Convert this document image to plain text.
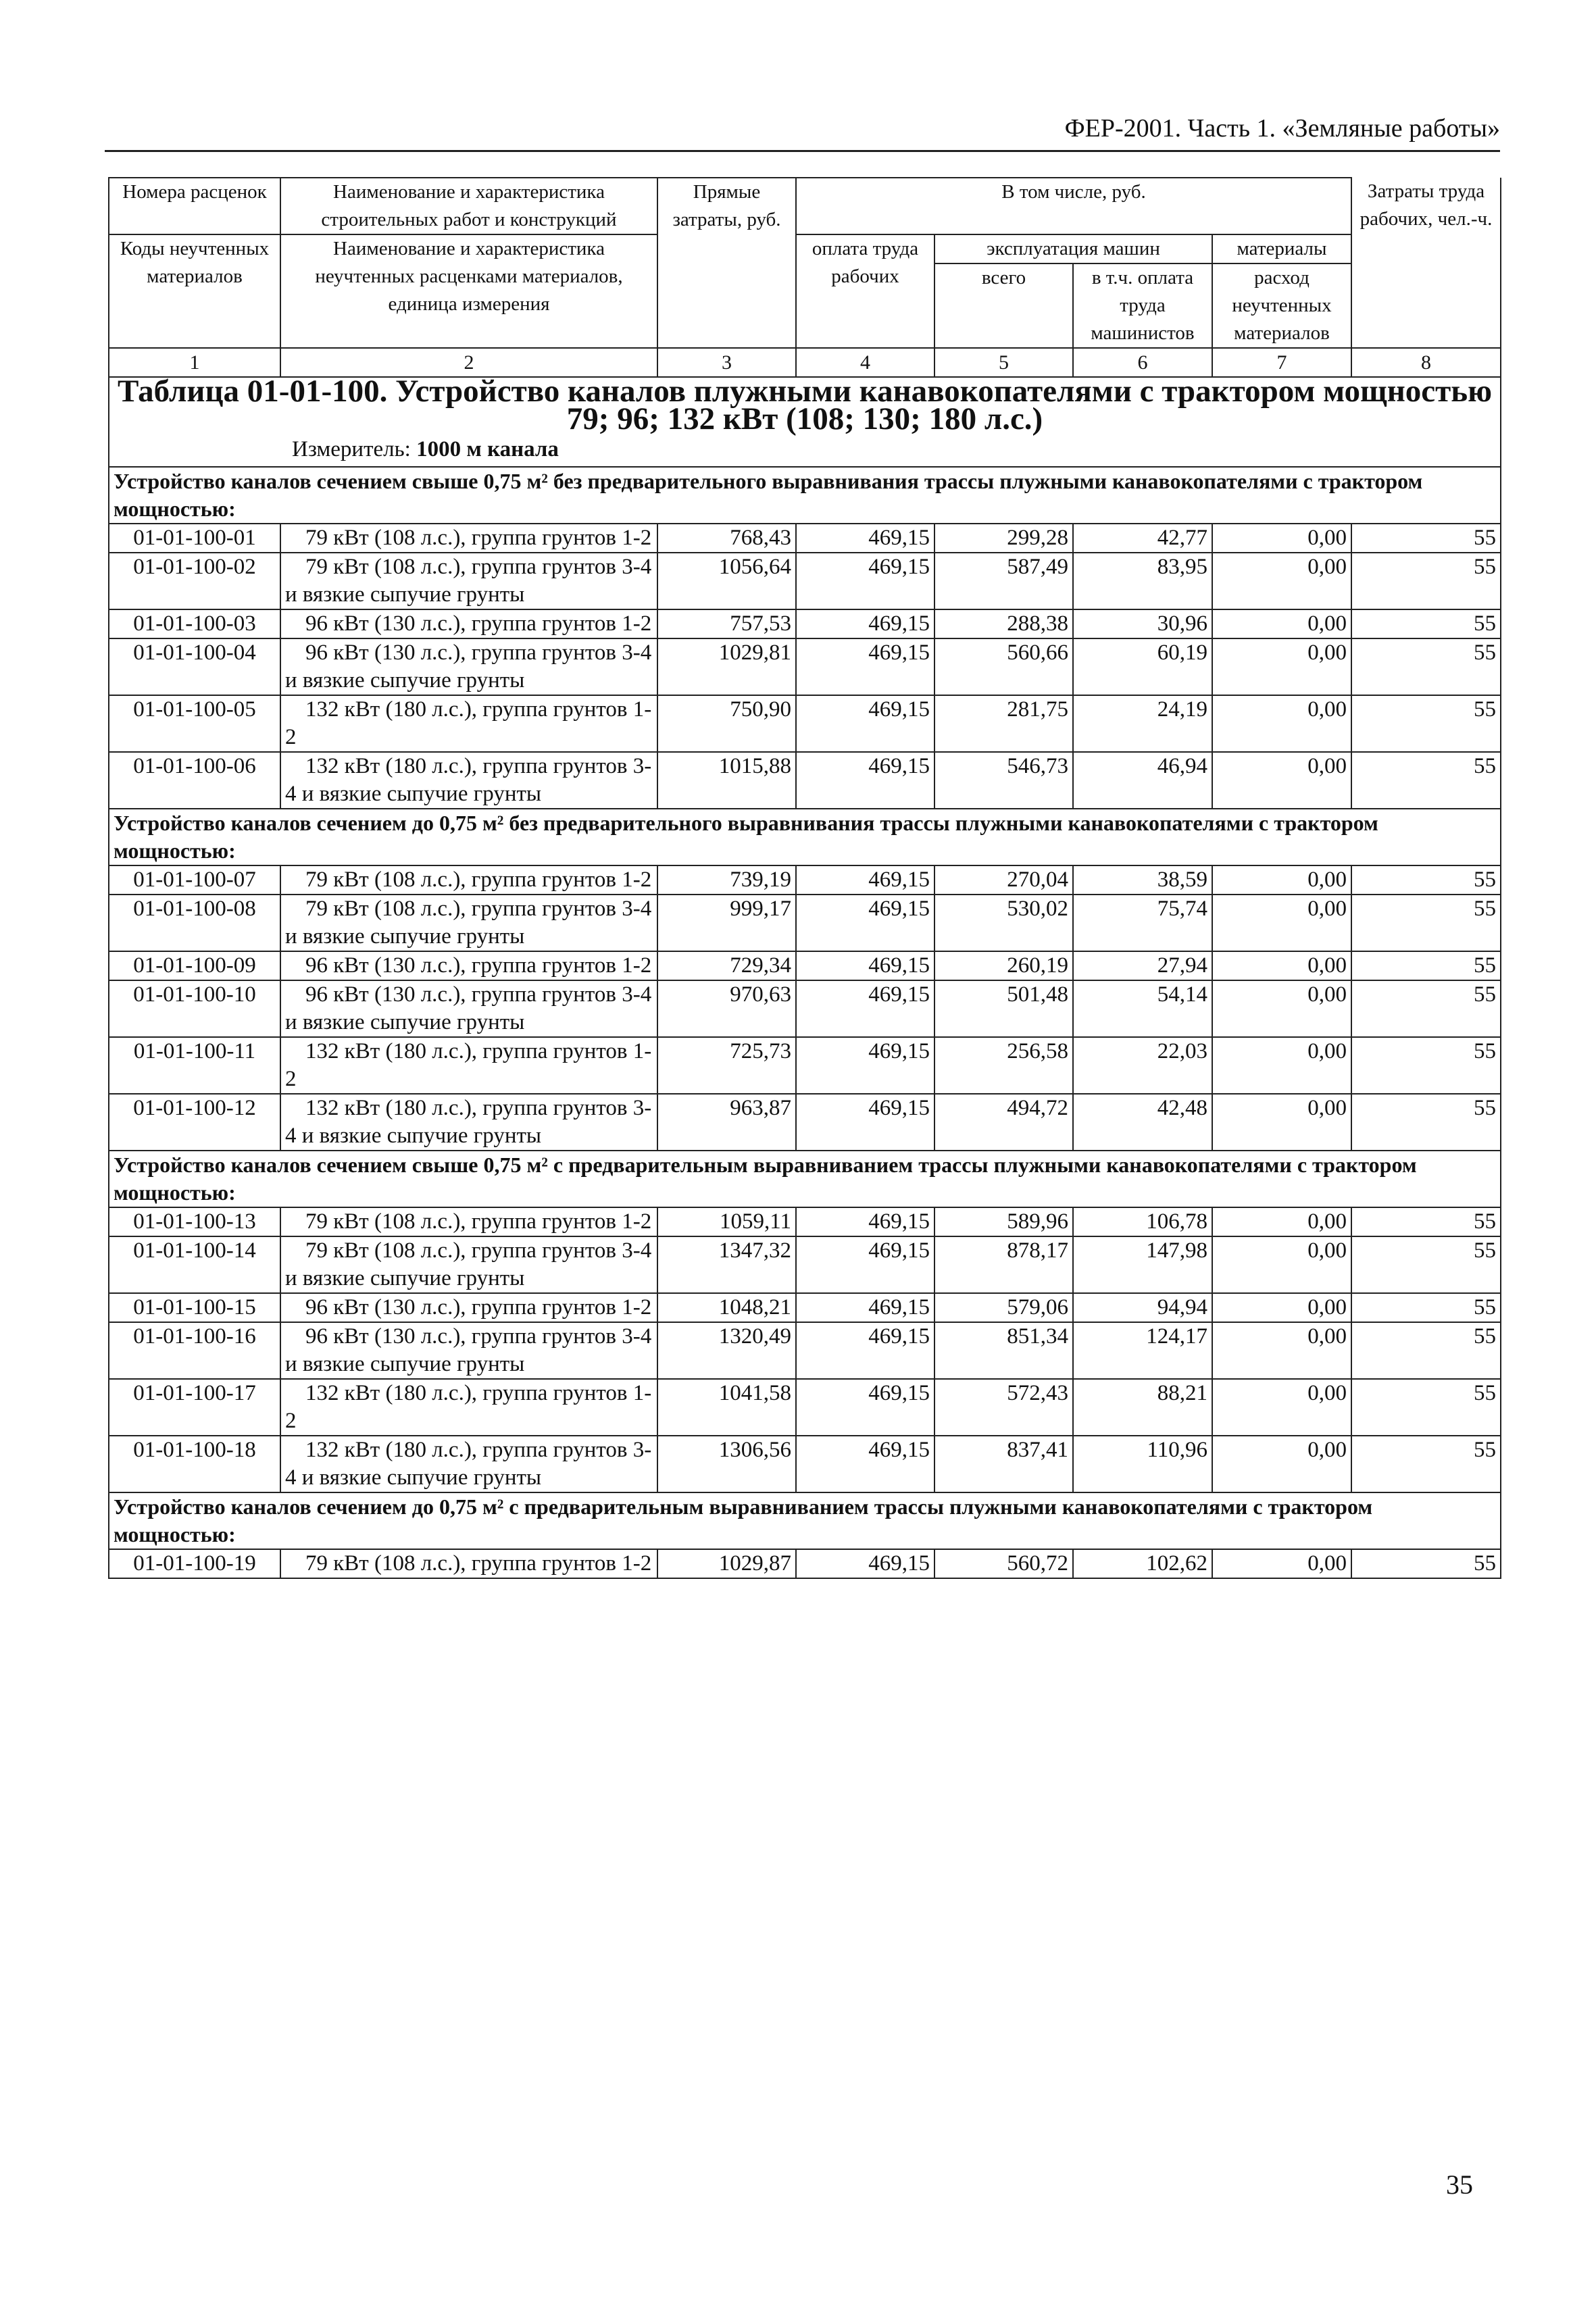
ФЕР-2001. Часть 1. «Земляные работы»
Номера расценок	Наименование и характеристика строительных работ и конструкций	Прямые затраты, руб.	В том числе, руб.				Затраты труда рабочих, чел.-ч.
Коды неучтенных материалов	Наименование и характеристика неучтенных расценками материалов, единица измерения		оплата труда рабочих	эксплуатация машин		материалы	
				всего	в т.ч. оплата труда машинистов	расход неучтенных материалов	
1	2	3	4	5	6	7	8
Таблица 01-01-100. Устройство каналов плужными канавокопателями с трактором мощностью 79; 96; 132 кВт (108; 130; 180 л.с.)							
Измеритель: 1000 м канала							
Устройство каналов сечением свыше 0,75 м² без предварительного выравнивания трассы плужными канавокопателями с трактором мощностью:							
01-01-100-01	79 кВт (108 л.с.), группа грунтов 1-2	768,43	469,15	299,28	42,77	0,00	55
01-01-100-02	79 кВт (108 л.с.), группа грунтов 3-4 и вязкие сыпучие грунты	1056,64	469,15	587,49	83,95	0,00	55
01-01-100-03	96 кВт (130 л.с.), группа грунтов 1-2	757,53	469,15	288,38	30,96	0,00	55
01-01-100-04	96 кВт (130 л.с.), группа грунтов 3-4 и вязкие сыпучие грунты	1029,81	469,15	560,66	60,19	0,00	55
01-01-100-05	132 кВт (180 л.с.), группа грунтов 1-2	750,90	469,15	281,75	24,19	0,00	55
01-01-100-06	132 кВт (180 л.с.), группа грунтов 3-4 и вязкие сыпучие грунты	1015,88	469,15	546,73	46,94	0,00	55
Устройство каналов сечением до 0,75 м² без предварительного выравнивания трассы плужными канавокопателями с трактором мощностью:							
01-01-100-07	79 кВт (108 л.с.), группа грунтов 1-2	739,19	469,15	270,04	38,59	0,00	55
01-01-100-08	79 кВт (108 л.с.), группа грунтов 3-4 и вязкие сыпучие грунты	999,17	469,15	530,02	75,74	0,00	55
01-01-100-09	96 кВт (130 л.с.), группа грунтов 1-2	729,34	469,15	260,19	27,94	0,00	55
01-01-100-10	96 кВт (130 л.с.), группа грунтов 3-4 и вязкие сыпучие грунты	970,63	469,15	501,48	54,14	0,00	55
01-01-100-11	132 кВт (180 л.с.), группа грунтов 1-2	725,73	469,15	256,58	22,03	0,00	55
01-01-100-12	132 кВт (180 л.с.), группа грунтов 3-4 и вязкие сыпучие грунты	963,87	469,15	494,72	42,48	0,00	55
Устройство каналов сечением свыше 0,75 м² с предварительным выравниванием трассы плужными канавокопателями с трактором мощностью:							
01-01-100-13	79 кВт (108 л.с.), группа грунтов 1-2	1059,11	469,15	589,96	106,78	0,00	55
01-01-100-14	79 кВт (108 л.с.), группа грунтов 3-4 и вязкие сыпучие грунты	1347,32	469,15	878,17	147,98	0,00	55
01-01-100-15	96 кВт (130 л.с.), группа грунтов 1-2	1048,21	469,15	579,06	94,94	0,00	55
01-01-100-16	96 кВт (130 л.с.), группа грунтов 3-4 и вязкие сыпучие грунты	1320,49	469,15	851,34	124,17	0,00	55
01-01-100-17	132 кВт (180 л.с.), группа грунтов 1-2	1041,58	469,15	572,43	88,21	0,00	55
01-01-100-18	132 кВт (180 л.с.), группа грунтов 3-4 и вязкие сыпучие грунты	1306,56	469,15	837,41	110,96	0,00	55
Устройство каналов сечением до 0,75 м² с предварительным выравниванием трассы плужными канавокопателями с трактором мощностью:							
01-01-100-19	79 кВт (108 л.с.), группа грунтов 1-2	1029,87	469,15	560,72	102,62	0,00	55
35
